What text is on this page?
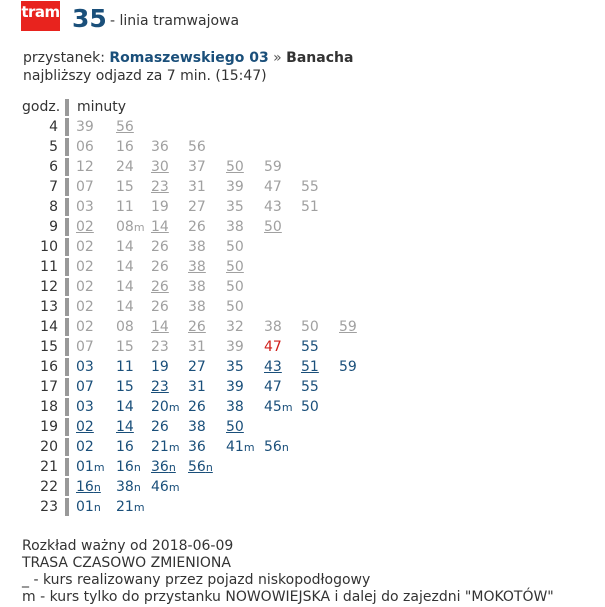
tram 35 - linia tramwajowa
przystanek: Romaszewskiego 03 » Banacha
najbliższy odjazd za 7 min. (15:47)
godz. minuty
4 39 56
5 06 16 36 56
6 12 24 30 37 50 59
7 07 15 23 31 39 47 55
8 03 11 19 27 35 43 51
9 02 08m 14 26 38 50
10 02 14 26 38 50
11 02 14 26 38 50
12 02 14 26 38 50
13 02 14 26 38 50
14 02 08 14 26 32 38 50 59
15 07 15 23 31 39 47 55
16 03 11 19 27 35 43 51 59
17 07 15 23 31 39 47 55
18 03 14 20m 26 38 45m 50
19 02 14 26 38 50
20 02 16 21m 36 41m 56n
21 01m 16n 36n 56n
22 16n 38n 46m
23 01n 21m
Rozkład ważny od 2018-06-09
TRASA CZASOWO ZMIENIONA
_ - kurs realizowany przez pojazd niskopodłogowy
m - kurs tylko do przystanku NOWOWIEJSKA i dalej do zajezdni "MOKOTÓW"
